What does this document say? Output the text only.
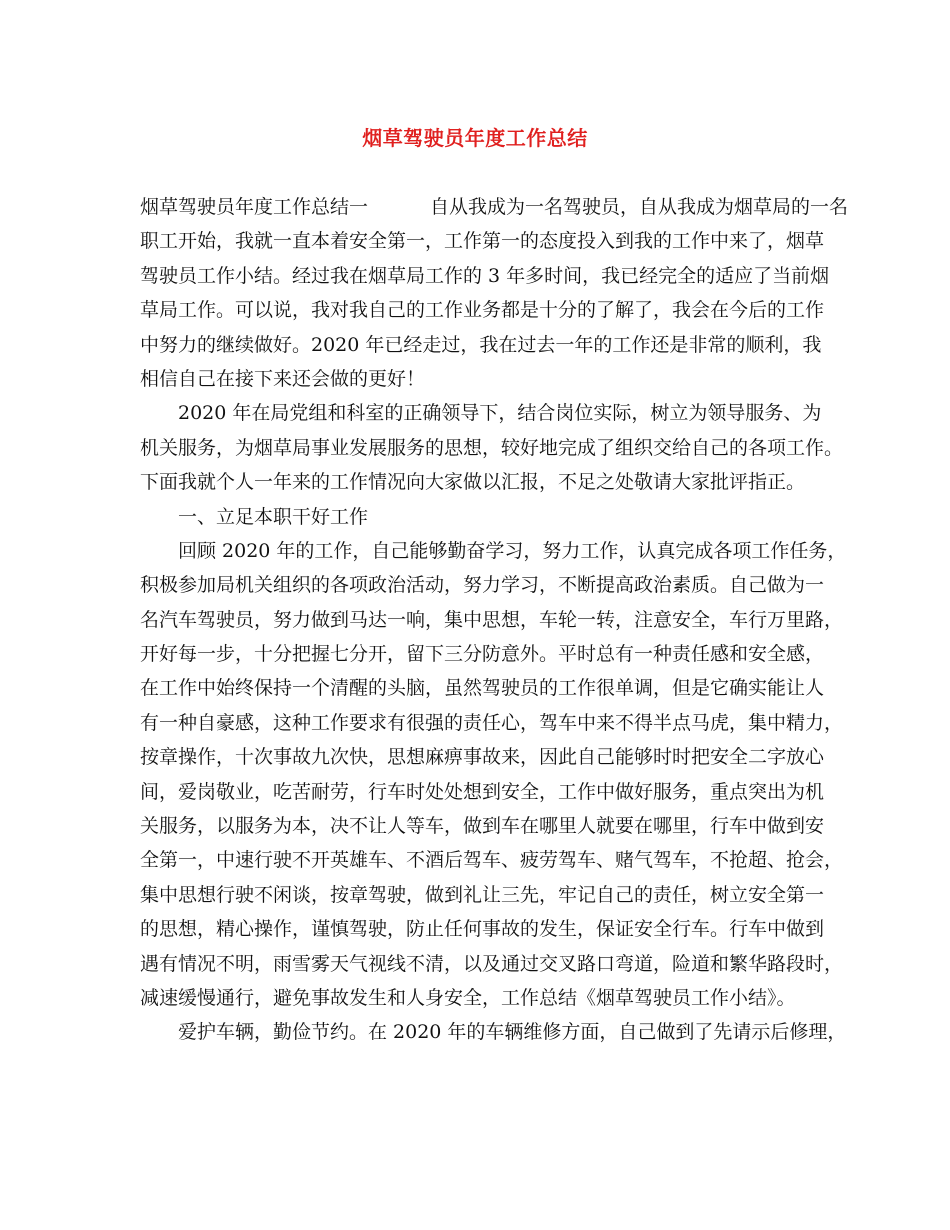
烟草驾驶员年度工作总结
烟草驾驶员年度工作总结一	自从我成为一名驾驶员，自从我成为烟草局的一名
职工开始，我就一直本着安全第一，工作第一的态度投入到我的工作中来了，烟草
驾驶员工作小结。经过我在烟草局工作的 3 年多时间，我已经完全的适应了当前烟
草局工作。可以说，我对我自己的工作业务都是十分的了解了，我会在今后的工作
中努力的继续做好。2020 年已经走过，我在过去一年的工作还是非常的顺利，我
相信自己在接下来还会做的更好！
2020 年在局党组和科室的正确领导下，结合岗位实际，树立为领导服务、为
机关服务，为烟草局事业发展服务的思想，较好地完成了组织交给自己的各项工作。
下面我就个人一年来的工作情况向大家做以汇报，不足之处敬请大家批评指正。
一、立足本职干好工作
回顾 2020 年的工作，自己能够勤奋学习，努力工作，认真完成各项工作任务，
积极参加局机关组织的各项政治活动，努力学习，不断提高政治素质。自己做为一
名汽车驾驶员，努力做到马达一响，集中思想，车轮一转，注意安全，车行万里路，
开好每一步，十分把握七分开，留下三分防意外。平时总有一种责任感和安全感，
在工作中始终保持一个清醒的头脑，虽然驾驶员的工作很单调，但是它确实能让人
有一种自豪感，这种工作要求有很强的责任心，驾车中来不得半点马虎，集中精力，
按章操作，十次事故九次快，思想麻痹事故来，因此自己能够时时把安全二字放心
间，爱岗敬业，吃苦耐劳，行车时处处想到安全，工作中做好服务，重点突出为机
关服务，以服务为本，决不让人等车，做到车在哪里人就要在哪里，行车中做到安
全第一，中速行驶不开英雄车、不酒后驾车、疲劳驾车、赌气驾车，不抢超、抢会，
集中思想行驶不闲谈，按章驾驶，做到礼让三先，牢记自己的责任，树立安全第一
的思想，精心操作，谨慎驾驶，防止任何事故的发生，保证安全行车。行车中做到
遇有情况不明，雨雪雾天气视线不清，以及通过交叉路口弯道，险道和繁华路段时，
减速缓慢通行，避免事故发生和人身安全，工作总结《烟草驾驶员工作小结》。
爱护车辆，勤俭节约。在 2020 年的车辆维修方面，自己做到了先请示后修理，
